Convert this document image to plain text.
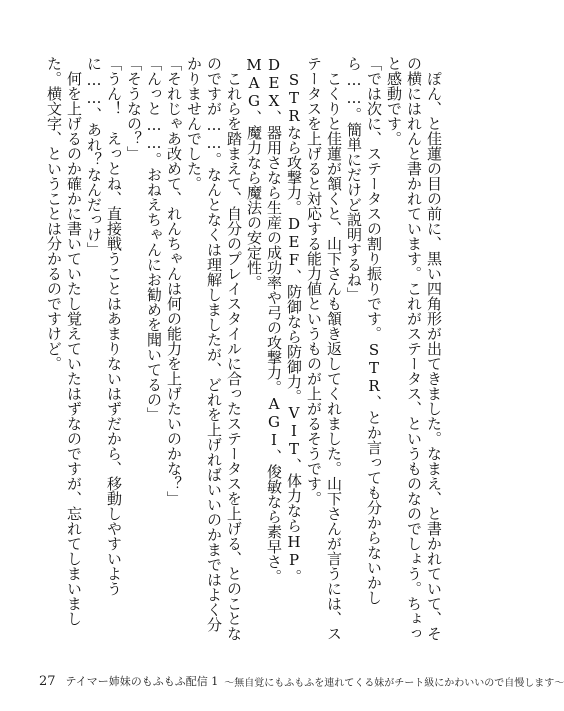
　ぽん、と佳蓮の目の前に、黒い四角形が出てきました。なまえ、と書かれていて、その横にはれんと書かれています。これがステータス、というものなのでしょう。ちょっと感動です。

「では次に、ステータスの割り振りです。STR、とか言っても分からないかしら……。簡単にだけど説明するね」

　こくりと佳蓮が頷くと、山下さんも頷き返してくれました。山下さんが言うには、ステータスを上げると対応する能力値というものが上がるそうです。

　STRなら攻撃力。DEF、防御なら防御力。VIT、体力ならHP。DEX、器用さなら生産の成功率や弓の攻撃力。AGI、俊敏なら素早さ。MAG、魔力なら魔法の安定性。

　これらを踏まえて、自分のプレイスタイルに合ったステータスを上げる、とのことなのですが……。なんとなくは理解しましたが、どれを上げればいいのかまではよく分かりませんでした。

「それじゃあ改めて、れんちゃんは何の能力を上げたいのかな？」

「んっと……。おねえちゃんにお勧めを聞いてるの」

「そうなの？」

「うん！　えっとね、直接戦うことはあまりないはずだから、移動しやすいように……、あれ？なんだっけ」

　何を上げるのか確かに書いていたし覚えていたはずなのですが、忘れてしまいました。横文字、ということは分かるのですけど。

27 テイマー姉妹のもふもふ配信 1 ～無自覚にもふもふを連れてくる妹がチート級にかわいいので自慢します～
